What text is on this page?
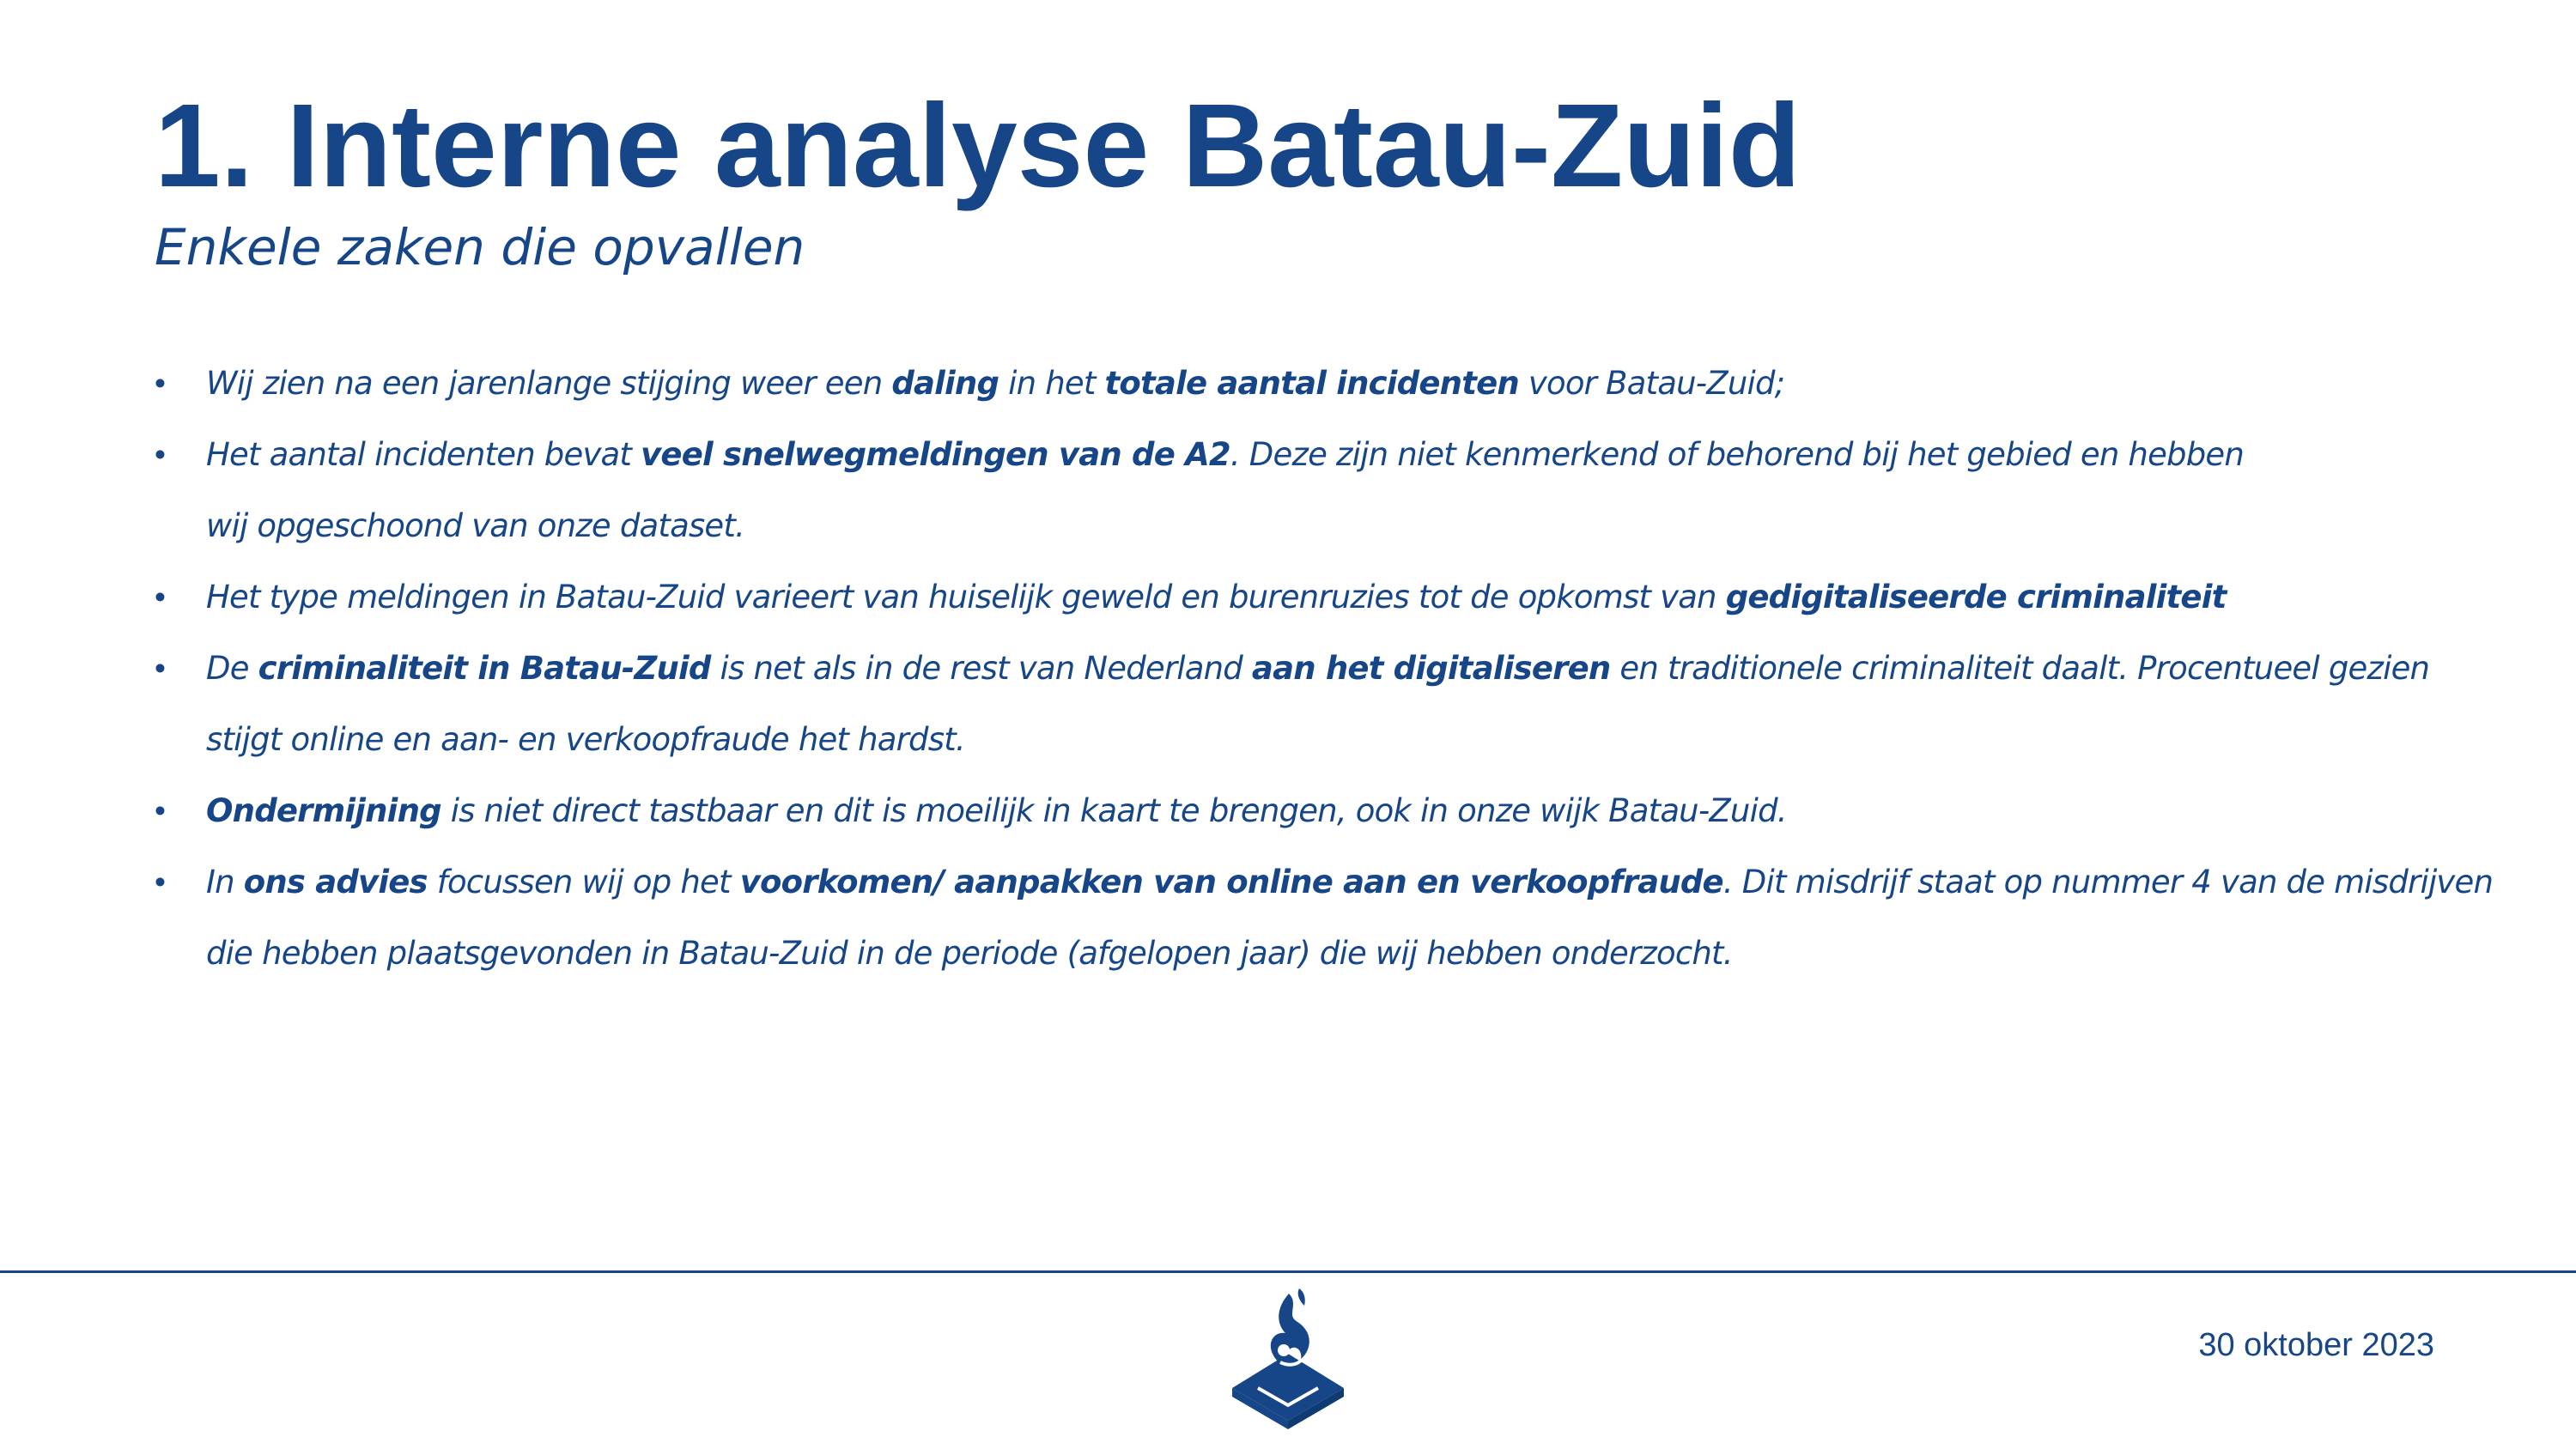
1. Interne analyse Batau-Zuid
Enkele zaken die opvallen
• Wij zien na een jarenlange stijging weer een daling in het totale aantal incidenten voor Batau-Zuid;
• Het aantal incidenten bevat veel snelwegmeldingen van de A2. Deze zijn niet kenmerkend of behorend bij het gebied en hebben
wij opgeschoond van onze dataset.
• Het type meldingen in Batau-Zuid varieert van huiselijk geweld en burenruzies tot de opkomst van gedigitaliseerde criminaliteit
• De criminaliteit in Batau-Zuid is net als in de rest van Nederland aan het digitaliseren en traditionele criminaliteit daalt. Procentueel gezien
stijgt online en aan- en verkoopfraude het hardst.
• Ondermijning is niet direct tastbaar en dit is moeilijk in kaart te brengen, ook in onze wijk Batau-Zuid.
• In ons advies focussen wij op het voorkomen/ aanpakken van online aan en verkoopfraude. Dit misdrijf staat op nummer 4 van de misdrijven
die hebben plaatsgevonden in Batau-Zuid in de periode (afgelopen jaar) die wij hebben onderzocht.
30 oktober 2023
